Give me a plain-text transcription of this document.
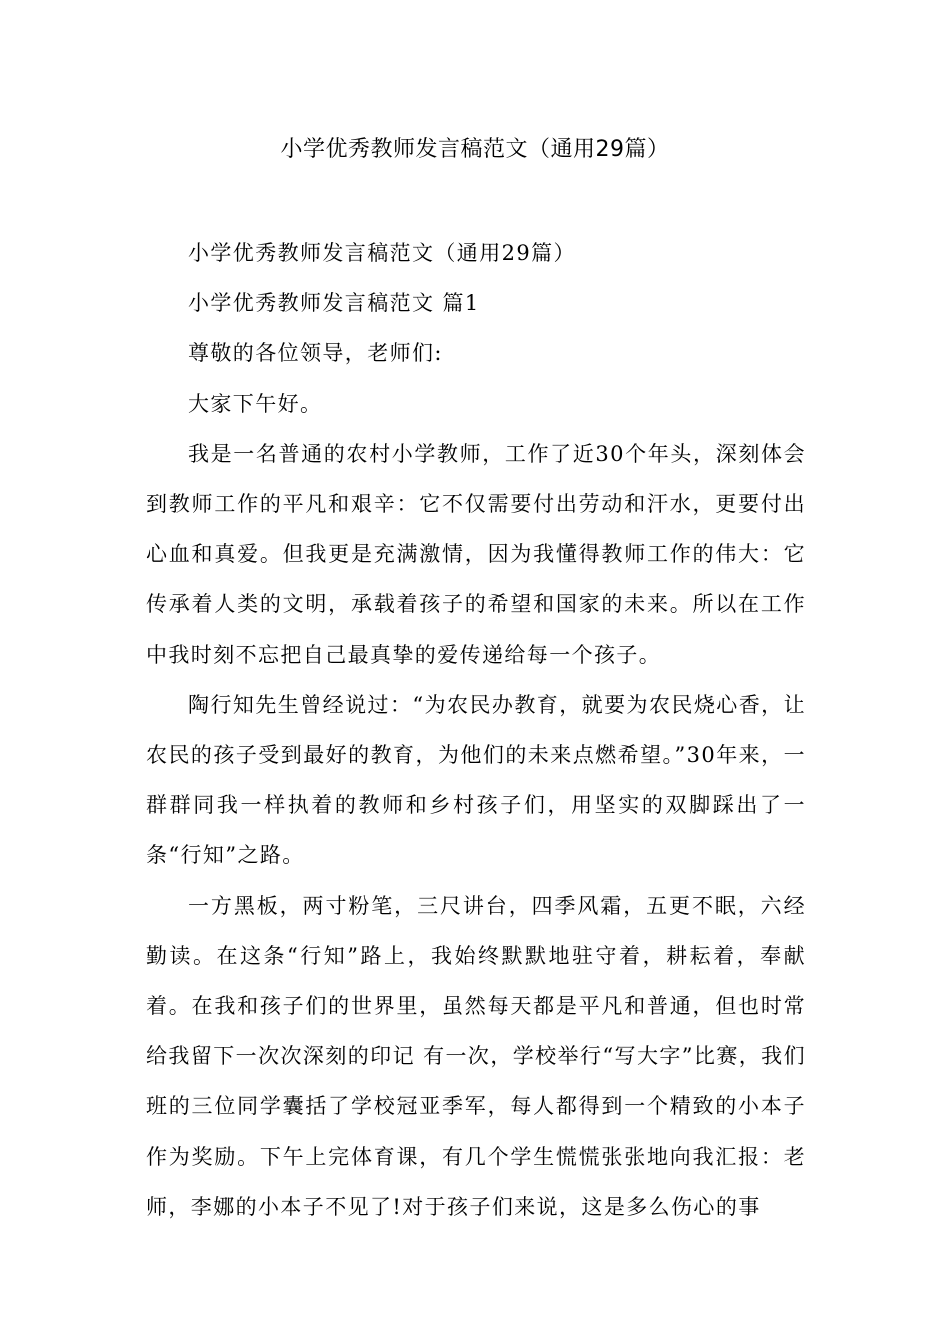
小学优秀教师发言稿范文（通用29篇）

小学优秀教师发言稿范文（通用29篇）

小学优秀教师发言稿范文 篇1

尊敬的各位领导，老师们:

大家下午好。

我是一名普通的农村小学教师，工作了近30个年头，深刻体会到教师工作的平凡和艰辛：它不仅需要付出劳动和汗水，更要付出心血和真爱。但我更是充满激情，因为我懂得教师工作的伟大：它传承着人类的文明，承载着孩子的希望和国家的未来。所以在工作中我时刻不忘把自己最真挚的爱传递给每一个孩子。

陶行知先生曾经说过：“为农民办教育，就要为农民烧心香，让农民的孩子受到最好的教育，为他们的未来点燃希望。”30年来，一群群同我一样执着的教师和乡村孩子们，用坚实的双脚踩出了一条“行知”之路。

一方黑板，两寸粉笔，三尺讲台，四季风霜，五更不眠，六经勤读。在这条“行知”路上，我始终默默地驻守着，耕耘着，奉献着。在我和孩子们的世界里，虽然每天都是平凡和普通，但也时常给我留下一次次深刻的印记 有一次，学校举行“写大字”比赛，我们班的三位同学囊括了学校冠亚季军，每人都得到一个精致的小本子作为奖励。下午上完体育课，有几个学生慌慌张张地向我汇报：老师，李娜的小本子不见了!对于孩子们来说，这是多么伤心的事
